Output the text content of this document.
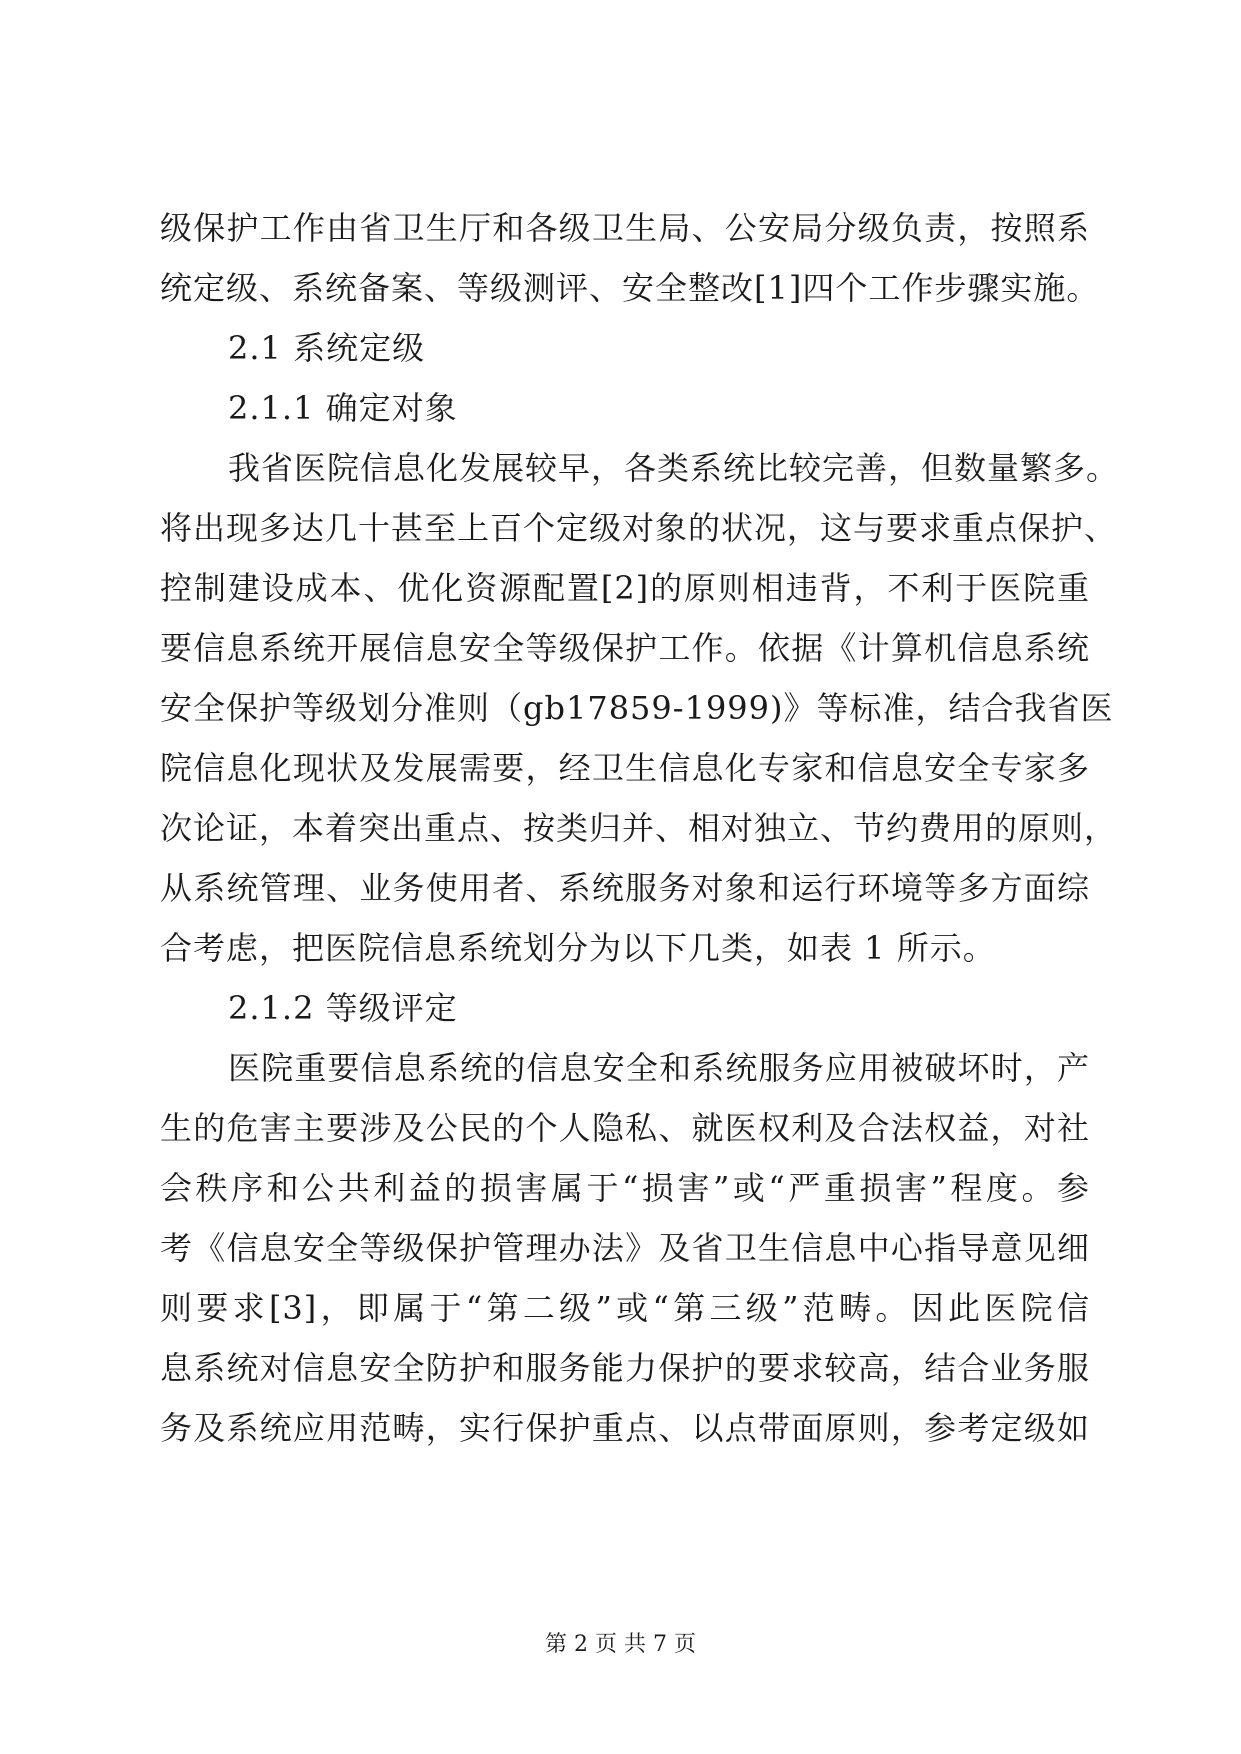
级保护工作由省卫生厅和各级卫生局、公安局分级负责，按照系
统定级、系统备案、等级测评、安全整改[1]四个工作步骤实施。
2.1 系统定级
2.1.1 确定对象
我省医院信息化发展较早，各类系统比较完善，但数量繁多。
将出现多达几十甚至上百个定级对象的状况，这与要求重点保护、
控制建设成本、优化资源配置[2]的原则相违背，不利于医院重
要信息系统开展信息安全等级保护工作。依据《计算机信息系统
安全保护等级划分准则（gb17859-1999)》等标准，结合我省医
院信息化现状及发展需要，经卫生信息化专家和信息安全专家多
次论证，本着突出重点、按类归并、相对独立、节约费用的原则，
从系统管理、业务使用者、系统服务对象和运行环境等多方面综
合考虑，把医院信息系统划分为以下几类，如表 1 所示。
2.1.2 等级评定
医院重要信息系统的信息安全和系统服务应用被破坏时，产
生的危害主要涉及公民的个人隐私、就医权利及合法权益，对社
会秩序和公共利益的损害属于“损害”或“严重损害”程度。参
考《信息安全等级保护管理办法》及省卫生信息中心指导意见细
则要求[3]，即属于“第二级”或“第三级”范畴。因此医院信
息系统对信息安全防护和服务能力保护的要求较高，结合业务服
务及系统应用范畴，实行保护重点、以点带面原则，参考定级如
第 2 页 共 7 页
